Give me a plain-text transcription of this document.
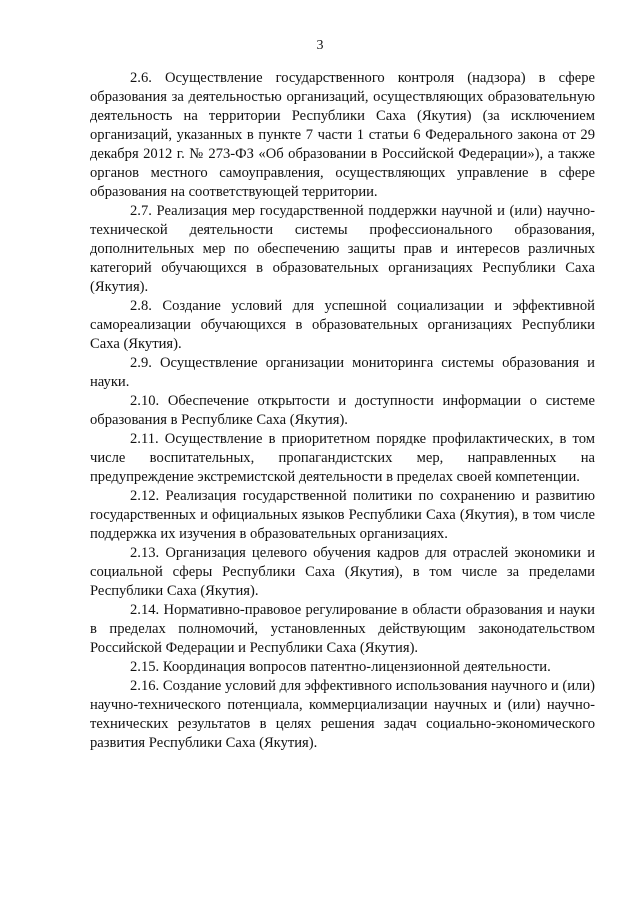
3

2.6. Осуществление государственного контроля (надзора) в сфере образования за деятельностью организаций, осуществляющих образовательную деятельность на территории Республики Саха (Якутия) (за исключением организаций, указанных в пункте 7 части 1 статьи 6 Федерального закона от 29 декабря 2012 г. № 273-ФЗ «Об образовании в Российской Федерации»), а также органов местного самоуправления, осуществляющих управление в сфере образования на соответствующей территории.

2.7. Реализация мер государственной поддержки научной и (или) научно-технической деятельности системы профессионального образования, дополнительных мер по обеспечению защиты прав и интересов различных категорий обучающихся в образовательных организациях Республики Саха (Якутия).

2.8. Создание условий для успешной социализации и эффективной самореализации обучающихся в образовательных организациях Республики Саха (Якутия).

2.9. Осуществление организации мониторинга системы образования и науки.

2.10. Обеспечение открытости и доступности информации о системе образования в Республике Саха (Якутия).

2.11. Осуществление в приоритетном порядке профилактических, в том числе воспитательных, пропагандистских мер, направленных на предупреждение экстремистской деятельности в пределах своей компетенции.

2.12. Реализация государственной политики по сохранению и развитию государственных и официальных языков Республики Саха (Якутия), в том числе поддержка их изучения в образовательных организациях.

2.13. Организация целевого обучения кадров для отраслей экономики и социальной сферы Республики Саха (Якутия), в том числе за пределами Республики Саха (Якутия).

2.14. Нормативно-правовое регулирование в области образования и науки в пределах полномочий, установленных действующим законодательством Российской Федерации и Республики Саха (Якутия).

2.15. Координация вопросов патентно-лицензионной деятельности.

2.16. Создание условий для эффективного использования научного и (или) научно-технического потенциала, коммерциализации научных и (или) научно-технических результатов в целях решения задач социально-экономического развития Республики Саха (Якутия).
